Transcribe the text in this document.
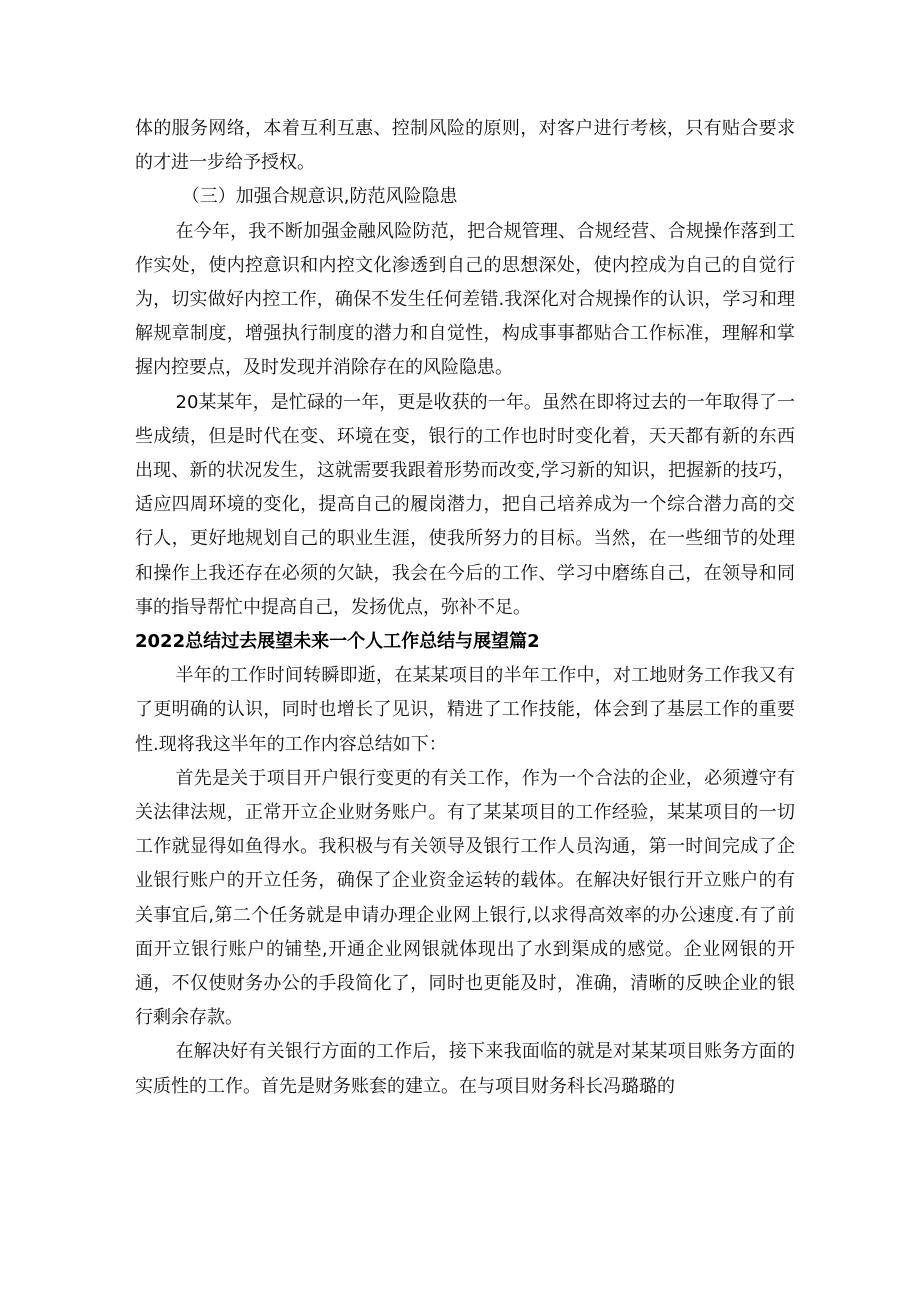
体的服务网络，本着互利互惠、控制风险的原则，对客户进行考核，只有贴合要求的才进一步给予授权。

（三）加强合规意识,防范风险隐患

在今年，我不断加强金融风险防范，把合规管理、合规经营、合规操作落到工作实处，使内控意识和内控文化渗透到自己的思想深处，使内控成为自己的自觉行为，切实做好内控工作，确保不发生任何差错.我深化对合规操作的认识，学习和理解规章制度，增强执行制度的潜力和自觉性，构成事事都贴合工作标准，理解和掌握内控要点，及时发现并消除存在的风险隐患。

20某某年，是忙碌的一年，更是收获的一年。虽然在即将过去的一年取得了一些成绩，但是时代在变、环境在变，银行的工作也时时变化着，天天都有新的东西出现、新的状况发生，这就需要我跟着形势而改变,学习新的知识，把握新的技巧，适应四周环境的变化，提高自己的履岗潜力，把自己培养成为一个综合潜力高的交行人，更好地规划自己的职业生涯，使我所努力的目标。当然，在一些细节的处理和操作上我还存在必须的欠缺，我会在今后的工作、学习中磨练自己，在领导和同事的指导帮忙中提高自己，发扬优点，弥补不足。

2022总结过去展望未来一个人工作总结与展望篇2

半年的工作时间转瞬即逝，在某某项目的半年工作中，对工地财务工作我又有了更明确的认识，同时也增长了见识，精进了工作技能，体会到了基层工作的重要性.现将我这半年的工作内容总结如下：

首先是关于项目开户银行变更的有关工作，作为一个合法的企业，必须遵守有关法律法规，正常开立企业财务账户。有了某某项目的工作经验，某某项目的一切工作就显得如鱼得水。我积极与有关领导及银行工作人员沟通，第一时间完成了企业银行账户的开立任务，确保了企业资金运转的载体。在解决好银行开立账户的有关事宜后,第二个任务就是申请办理企业网上银行,以求得高效率的办公速度.有了前面开立银行账户的铺垫,开通企业网银就体现出了水到渠成的感觉。企业网银的开通，不仅使财务办公的手段简化了，同时也更能及时，准确，清晰的反映企业的银行剩余存款。

在解决好有关银行方面的工作后，接下来我面临的就是对某某项目账务方面的实质性的工作。首先是财务账套的建立。在与项目财务科长冯璐璐的
